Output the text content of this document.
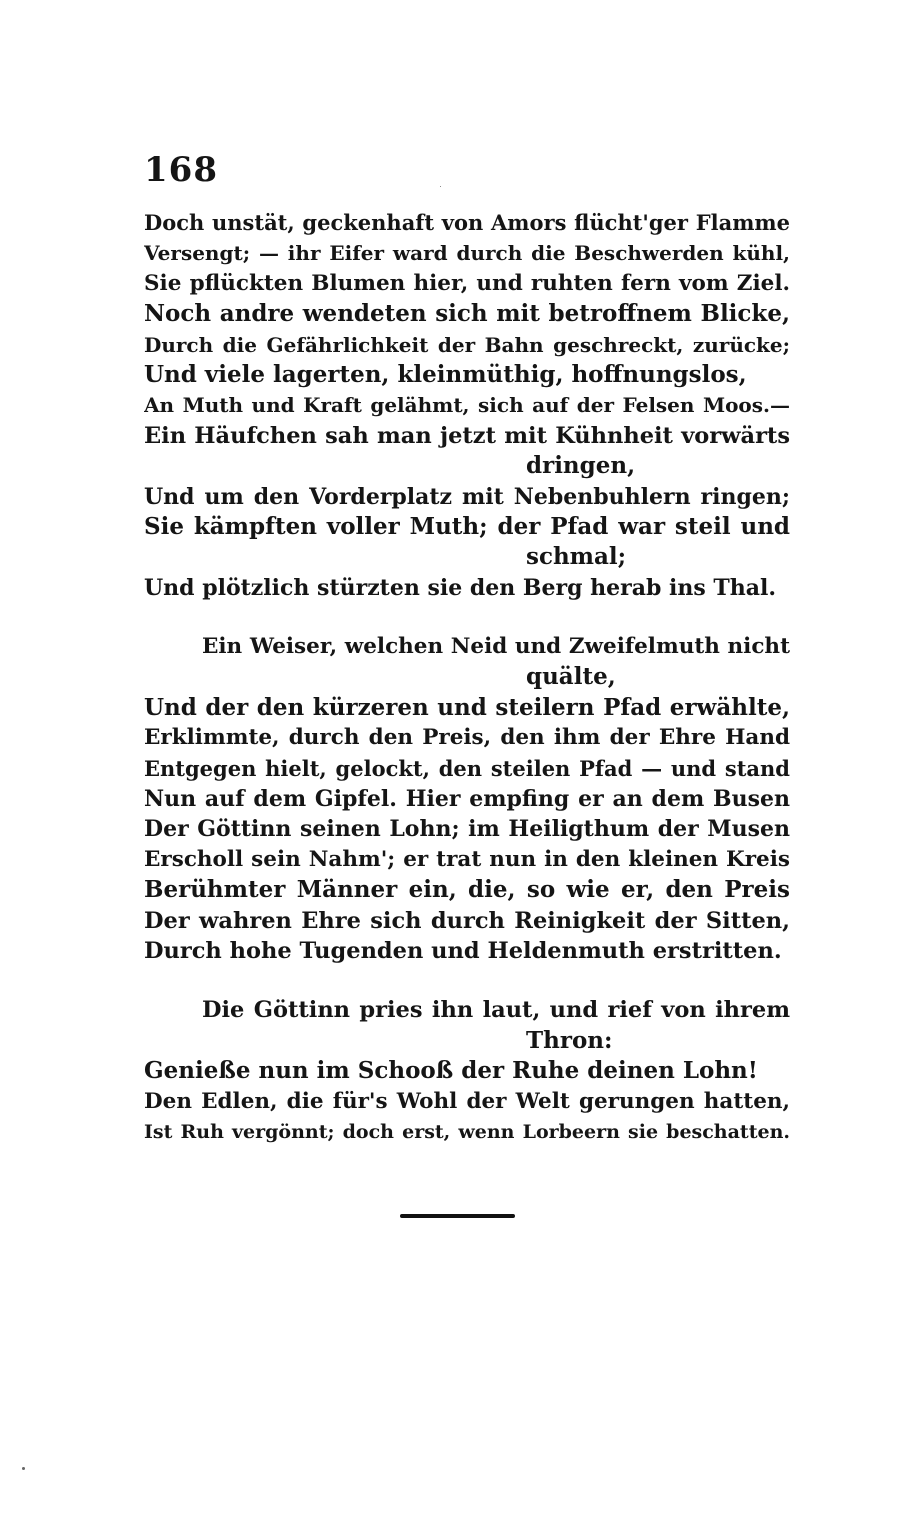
168
Doch unstät, geckenhaft von Amors flücht'ger Flamme
Versengt; — ihr Eifer ward durch die Beschwerden kühl,
Sie pflückten Blumen hier, und ruhten fern vom Ziel.
Noch andre wendeten sich mit betroffnem Blicke,
Durch die Gefährlichkeit der Bahn geschreckt, zurücke;
Und viele lagerten, kleinmüthig, hoffnungslos,
An Muth und Kraft gelähmt, sich auf der Felsen Moos.—
Ein Häufchen sah man jetzt mit Kühnheit vorwärts
dringen,
Und um den Vorderplatz mit Nebenbuhlern ringen;
Sie kämpften voller Muth; der Pfad war steil und
schmal;
Und plötzlich stürzten sie den Berg herab ins Thal.
Ein Weiser, welchen Neid und Zweifelmuth nicht
quälte,
Und der den kürzeren und steilern Pfad erwählte,
Erklimmte, durch den Preis, den ihm der Ehre Hand
Entgegen hielt, gelockt, den steilen Pfad — und stand
Nun auf dem Gipfel. Hier empfing er an dem Busen
Der Göttinn seinen Lohn; im Heiligthum der Musen
Erscholl sein Nahm'; er trat nun in den kleinen Kreis
Berühmter Männer ein, die, so wie er, den Preis
Der wahren Ehre sich durch Reinigkeit der Sitten,
Durch hohe Tugenden und Heldenmuth erstritten.
Die Göttinn pries ihn laut, und rief von ihrem
Thron:
Genieße nun im Schooß der Ruhe deinen Lohn!
Den Edlen, die für's Wohl der Welt gerungen hatten,
Ist Ruh vergönnt; doch erst, wenn Lorbeern sie beschatten.
